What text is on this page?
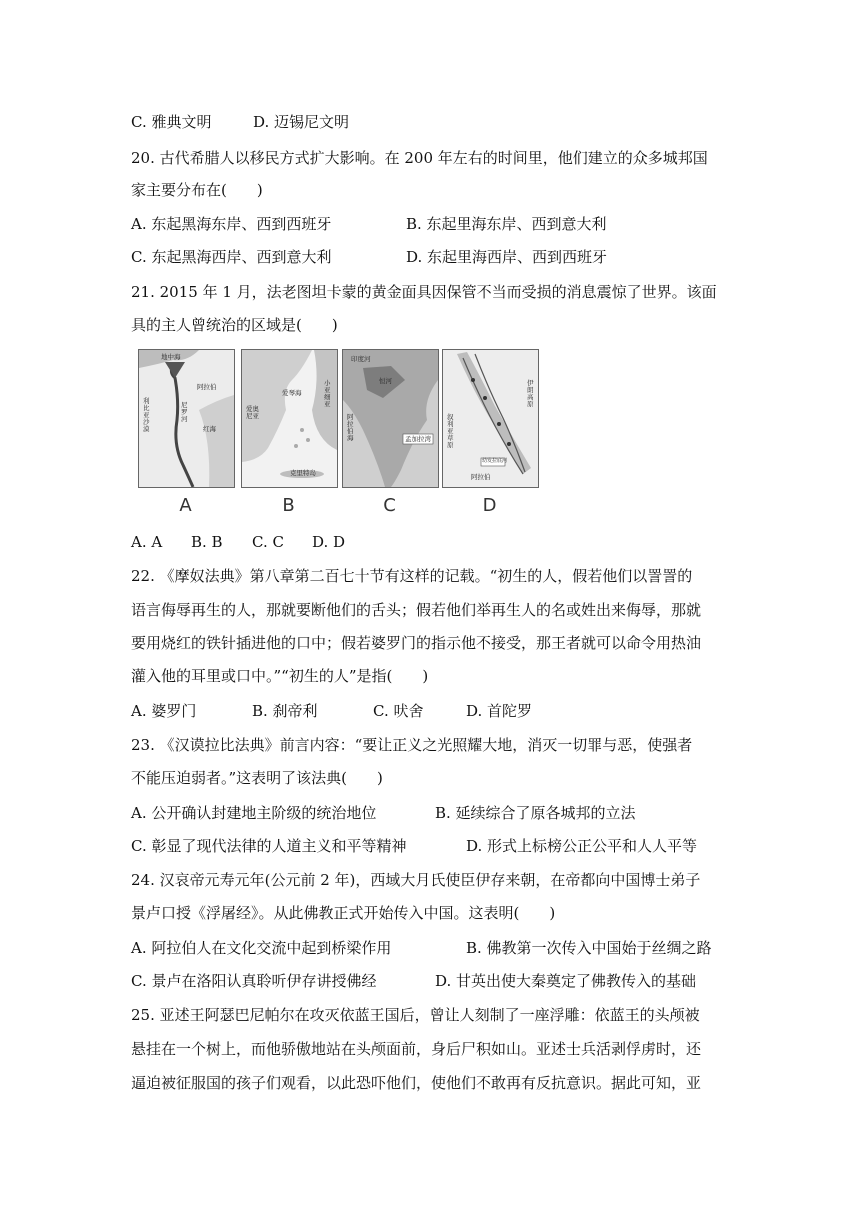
C. 雅典文明	D. 迈锡尼文明
20. 古代希腊人以移民方式扩大影响。在 200 年左右的时间里，他们建立的众多城邦国
家主要分布在(　　)
A. 东起黑海东岸、西到西班牙	B. 东起里海东岸、西到意大利
C. 东起黑海西岸、西到意大利	D. 东起里海西岸、西到西班牙
21. 2015 年 1 月，法老图坦卡蒙的黄金面具因保管不当而受损的消息震惊了世界。该面
具的主人曾统治的区域是(　　)
地中海
阿拉伯
利比亚沙漠	红海
尼罗河
A
爱琴海
小亚细亚
爱奥尼亚
克里特岛
B
印度河
恒河
阿拉伯海	孟加拉湾
C
伊朗高原
叙利亚草原
阿拉伯
幼发拉底河
D
A. A B. B C. C D. D
22. 《摩奴法典》第八章第二百七十节有这样的记载。“初生的人，假若他们以詈詈的
语言侮辱再生的人，那就要断他们的舌头；假若他们举再生人的名或姓出来侮辱，那就
要用烧红的铁针插进他的口中；假若婆罗门的指示他不接受，那王者就可以命令用热油
灌入他的耳里或口中。”“初生的人”是指(　　)
A. 婆罗门	B. 刹帝利	C. 吠舍	D. 首陀罗
23. 《汉谟拉比法典》前言内容：“要让正义之光照耀大地，消灭一切罪与恶，使强者
不能压迫弱者。”这表明了该法典(　　)
A. 公开确认封建地主阶级的统治地位	B. 延续综合了原各城邦的立法
C. 彰显了现代法律的人道主义和平等精神	D. 形式上标榜公正公平和人人平等
24. 汉哀帝元寿元年(公元前 2 年)，西域大月氏使臣伊存来朝，在帝都向中国博士弟子
景卢口授《浮屠经》。从此佛教正式开始传入中国。这表明(　　)
A. 阿拉伯人在文化交流中起到桥梁作用	B. 佛教第一次传入中国始于丝绸之路
C. 景卢在洛阳认真聆听伊存讲授佛经	D. 甘英出使大秦奠定了佛教传入的基础
25. 亚述王阿瑟巴尼帕尔在攻灭依蓝王国后，曾让人刻制了一座浮雕：依蓝王的头颅被
悬挂在一个树上，而他骄傲地站在头颅面前，身后尸积如山。亚述士兵活剥俘虏时，还
逼迫被征服国的孩子们观看，以此恐吓他们，使他们不敢再有反抗意识。据此可知，亚
